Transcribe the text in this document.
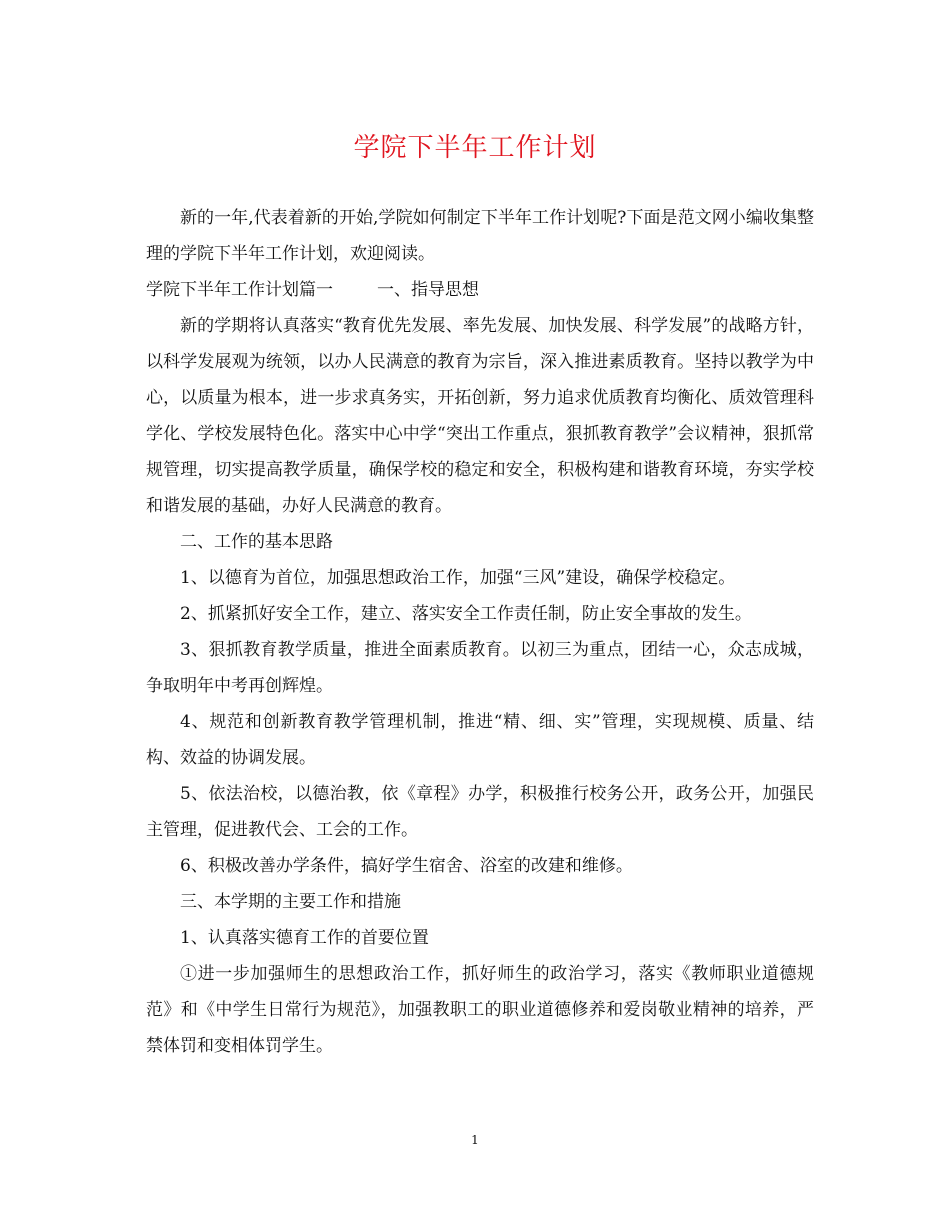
学院下半年工作计划

新的一年,代表着新的开始,学院如何制定下半年工作计划呢?下面是范文网小编收集整理的学院下半年工作计划，欢迎阅读。

学院下半年工作计划篇一	一、指导思想

新的学期将认真落实“教育优先发展、率先发展、加快发展、科学发展”的战略方针，以科学发展观为统领，以办人民满意的教育为宗旨，深入推进素质教育。坚持以教学为中心，以质量为根本，进一步求真务实，开拓创新，努力追求优质教育均衡化、质效管理科学化、学校发展特色化。落实中心中学“突出工作重点，狠抓教育教学”会议精神，狠抓常规管理，切实提高教学质量，确保学校的稳定和安全，积极构建和谐教育环境，夯实学校和谐发展的基础，办好人民满意的教育。

二、工作的基本思路

1、以德育为首位，加强思想政治工作，加强“三风”建设，确保学校稳定。

2、抓紧抓好安全工作，建立、落实安全工作责任制，防止安全事故的发生。

3、狠抓教育教学质量，推进全面素质教育。以初三为重点，团结一心，众志成城，争取明年中考再创辉煌。

4、规范和创新教育教学管理机制，推进“精、细、实”管理，实现规模、质量、结构、效益的协调发展。

5、依法治校，以德治教，依《章程》办学，积极推行校务公开，政务公开，加强民主管理，促进教代会、工会的工作。

6、积极改善办学条件，搞好学生宿舍、浴室的改建和维修。

三、本学期的主要工作和措施

1、认真落实德育工作的首要位置

①进一步加强师生的思想政治工作，抓好师生的政治学习，落实《教师职业道德规范》和《中学生日常行为规范》，加强教职工的职业道德修养和爱岗敬业精神的培养，严禁体罚和变相体罚学生。

1
